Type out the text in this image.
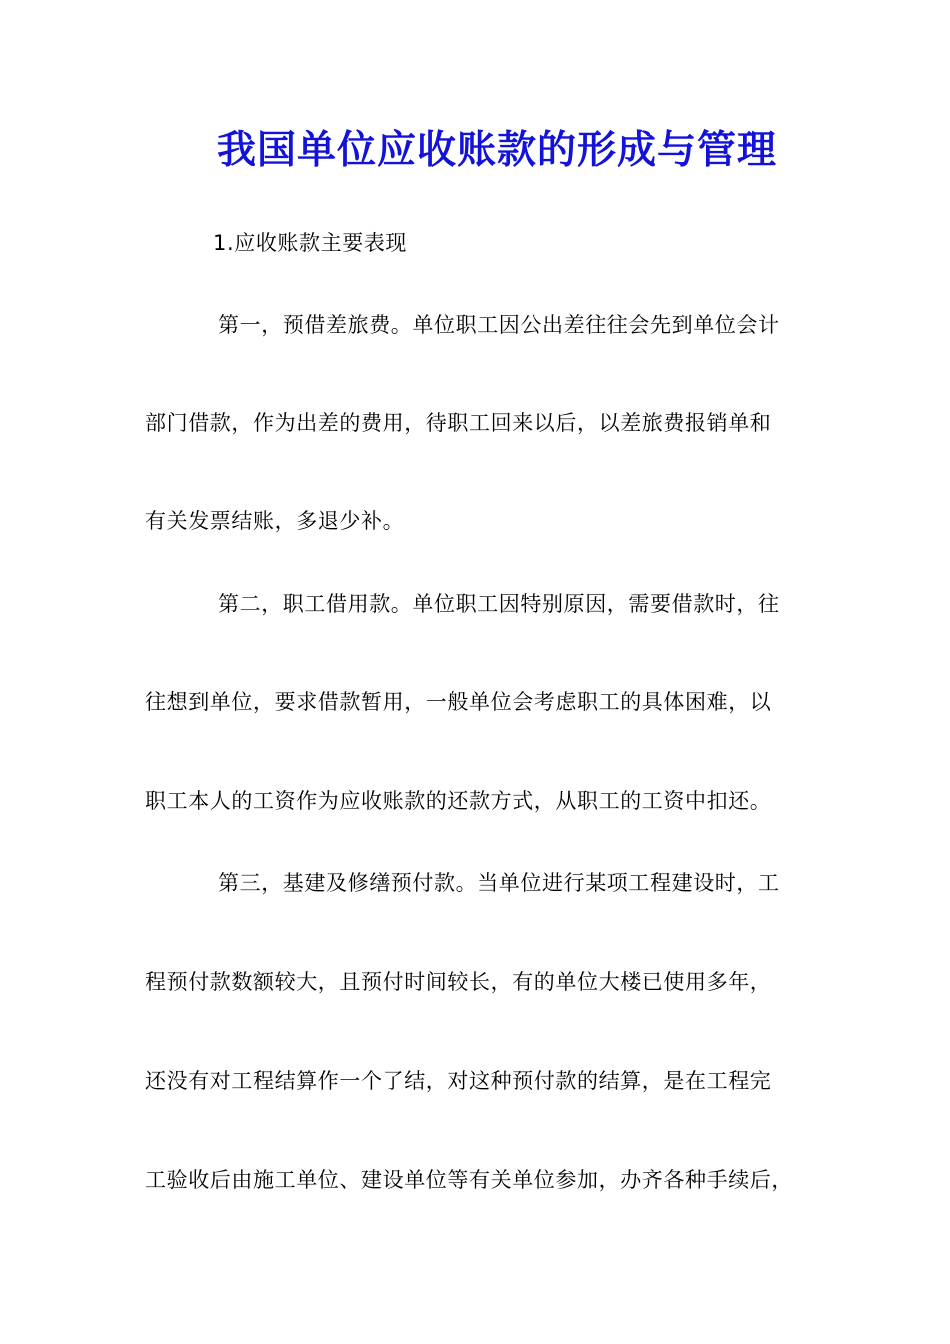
我国单位应收账款的形成与管理
1.应收账款主要表现
第一，预借差旅费。单位职工因公出差往往会先到单位会计
部门借款，作为出差的费用，待职工回来以后，以差旅费报销单和
有关发票结账，多退少补。
第二，职工借用款。单位职工因特别原因，需要借款时，往
往想到单位，要求借款暂用，一般单位会考虑职工的具体困难，以
职工本人的工资作为应收账款的还款方式，从职工的工资中扣还。
第三，基建及修缮预付款。当单位进行某项工程建设时，工
程预付款数额较大，且预付时间较长，有的单位大楼已使用多年，
还没有对工程结算作一个了结，对这种预付款的结算，是在工程完
工验收后由施工单位、建设单位等有关单位参加，办齐各种手续后，
